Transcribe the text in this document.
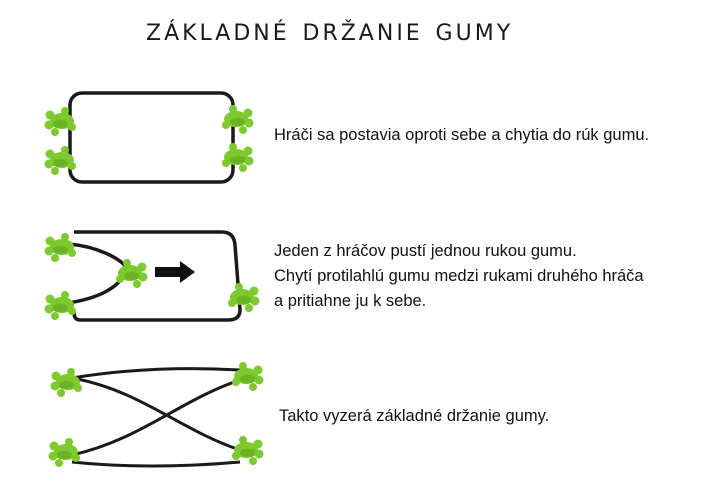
základné držanie gumy
Hráči sa postavia oproti sebe a chytia do rúk gumu.
Jeden z hráčov pustí jednou rukou gumu.
Chytí protilahlú gumu medzi rukami druhého hráča
a pritiahne ju k sebe.
Takto vyzerá základné držanie gumy.
